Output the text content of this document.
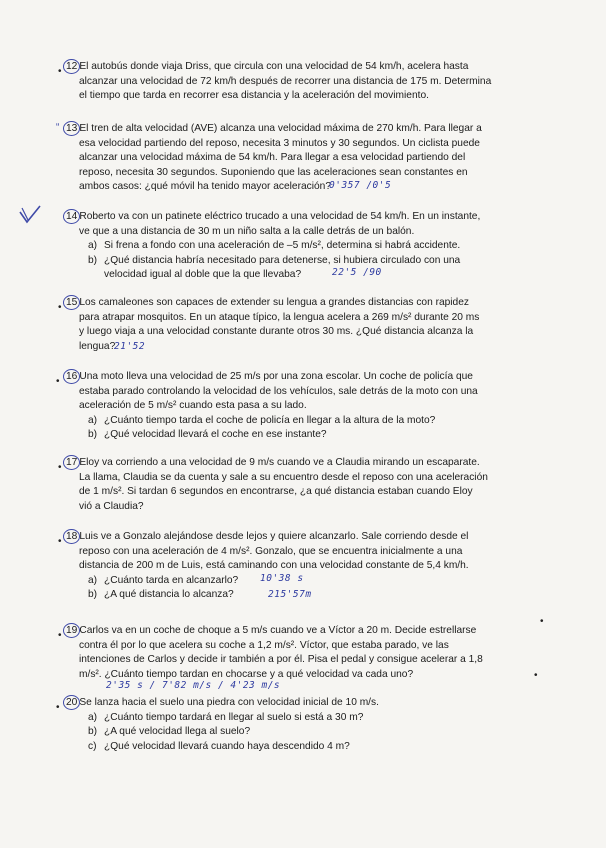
• 12 El autobús donde viaja Driss, que circula con una velocidad de 54 km/h, acelera hasta
alcanzar una velocidad de 72 km/h después de recorrer una distancia de 175 m. Determina
el tiempo que tarda en recorrer esa distancia y la aceleración del movimiento.
“ 13 El tren de alta velocidad (AVE) alcanza una velocidad máxima de 270 km/h. Para llegar a
esa velocidad partiendo del reposo, necesita 3 minutos y 30 segundos. Un ciclista puede
alcanzar una velocidad máxima de 54 km/h. Para llegar a esa velocidad partiendo del
reposo, necesita 30 segundos. Suponiendo que las aceleraciones sean constantes en
ambos casos: ¿qué móvil ha tenido mayor aceleración?
0'357 /0'5
14 Roberto va con un patinete eléctrico trucado a una velocidad de 54 km/h. En un instante,
ve que a una distancia de 30 m un niño salta a la calle detrás de un balón.
a) Si frena a fondo con una aceleración de –5 m/s², determina si habrá accidente.
b) ¿Qué distancia habría necesitado para detenerse, si hubiera circulado con una
velocidad igual al doble que la que llevaba?	22'5 /90
• 15 Los camaleones son capaces de extender su lengua a grandes distancias con rapidez
para atrapar mosquitos. En un ataque típico, la lengua acelera a 269 m/s² durante 20 ms
y luego viaja a una velocidad constante durante otros 30 ms. ¿Qué distancia alcanza la
lengua?
21'52
• 16 Una moto lleva una velocidad de 25 m/s por una zona escolar. Un coche de policía que
estaba parado controlando la velocidad de los vehículos, sale detrás de la moto con una
aceleración de 5 m/s² cuando esta pasa a su lado.
a) ¿Cuánto tiempo tarda el coche de policía en llegar a la altura de la moto?
b) ¿Qué velocidad llevará el coche en ese instante?
• 17 Eloy va corriendo a una velocidad de 9 m/s cuando ve a Claudia mirando un escaparate.
La llama, Claudia se da cuenta y sale a su encuentro desde el reposo con una aceleración
de 1 m/s². Si tardan 6 segundos en encontrarse, ¿a qué distancia estaban cuando Eloy
vió a Claudia?
• 18 Luis ve a Gonzalo alejándose desde lejos y quiere alcanzarlo. Sale corriendo desde el
reposo con una aceleración de 4 m/s². Gonzalo, que se encuentra inicialmente a una
distancia de 200 m de Luis, está caminando con una velocidad constante de 5,4 km/h.
a) ¿Cuánto tarda en alcanzarlo? 10'38 s
b) ¿A qué distancia lo alcanza?	215'57m
•
•
•
19 Carlos va en un coche de choque a 5 m/s cuando ve a Víctor a 20 m. Decide estrellarse
contra él por lo que acelera su coche a 1,2 m/s². Víctor, que estaba parado, ve las
intenciones de Carlos y decide ir también a por él. Pisa el pedal y consigue acelerar a 1,8
m/s². ¿Cuánto tiempo tardan en chocarse y a qué velocidad va cada uno?
2'35 s / 7'82 m/s / 4'23 m/s
• 20 Se lanza hacia el suelo una piedra con velocidad inicial de 10 m/s.
a) ¿Cuánto tiempo tardará en llegar al suelo si está a 30 m?
b) ¿A qué velocidad llega al suelo?
c) ¿Qué velocidad llevará cuando haya descendido 4 m?
